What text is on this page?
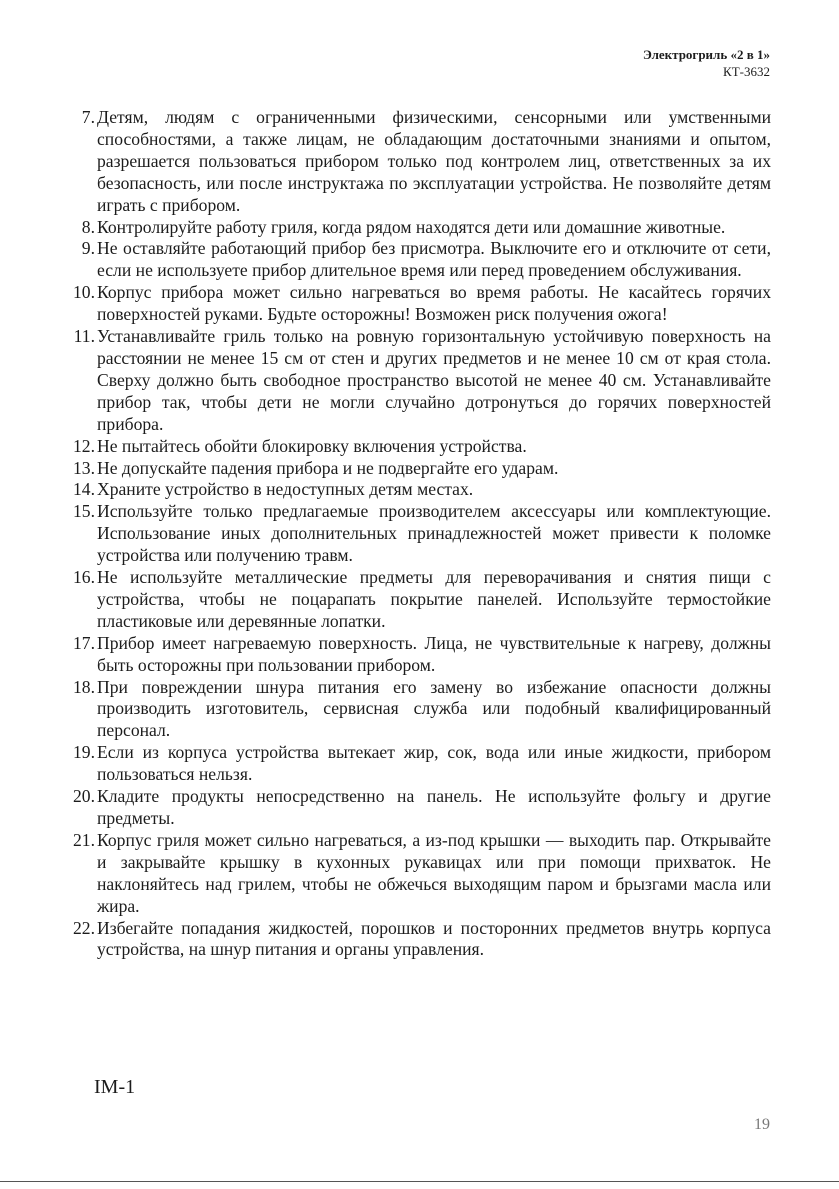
Электрогриль «2 в 1»
КТ-3632
7. Детям, людям с ограниченными физическими, сенсорными или умственными способностями, а также лицам, не обладающим достаточными знаниями и опытом, разрешается пользоваться прибором только под контролем лиц, ответственных за их безопасность, или после инструктажа по эксплуатации устройства. Не позволяйте детям играть с прибором.
8. Контролируйте работу гриля, когда рядом находятся дети или домашние животные.
9. Не оставляйте работающий прибор без присмотра. Выключите его и отключите от сети, если не используете прибор длительное время или перед проведением обслуживания.
10. Корпус прибора может сильно нагреваться во время работы. Не касайтесь горячих поверхностей руками. Будьте осторожны! Возможен риск получения ожога!
11. Устанавливайте гриль только на ровную горизонтальную устойчивую поверхность на расстоянии не менее 15 см от стен и других предметов и не менее 10 см от края стола. Сверху должно быть свободное пространство высотой не менее 40 см. Устанавливайте прибор так, чтобы дети не могли случайно дотронуться до горячих поверхностей прибора.
12. Не пытайтесь обойти блокировку включения устройства.
13. Не допускайте падения прибора и не подвергайте его ударам.
14. Храните устройство в недоступных детям местах.
15. Используйте только предлагаемые производителем аксессуары или комплектующие. Использование иных дополнительных принадлежностей может привести к поломке устройства или получению травм.
16. Не используйте металлические предметы для переворачивания и снятия пищи с устройства, чтобы не поцарапать покрытие панелей. Используйте термостойкие пластиковые или деревянные лопатки.
17. Прибор имеет нагреваемую поверхность. Лица, не чувствительные к нагреву, должны быть осторожны при пользовании прибором.
18. При повреждении шнура питания его замену во избежание опасности должны производить изготовитель, сервисная служба или подобный квалифицированный персонал.
19. Если из корпуса устройства вытекает жир, сок, вода или иные жидкости, прибором пользоваться нельзя.
20. Кладите продукты непосредственно на панель. Не используйте фольгу и другие предметы.
21. Корпус гриля может сильно нагреваться, а из-под крышки — выходить пар. Открывайте и закрывайте крышку в кухонных рукавицах или при помощи прихваток. Не наклоняйтесь над грилем, чтобы не обжечься выходящим паром и брызгами масла или жира.
22. Избегайте попадания жидкостей, порошков и посторонних предметов внутрь корпуса устройства, на шнур питания и органы управления.
IM-1
19
